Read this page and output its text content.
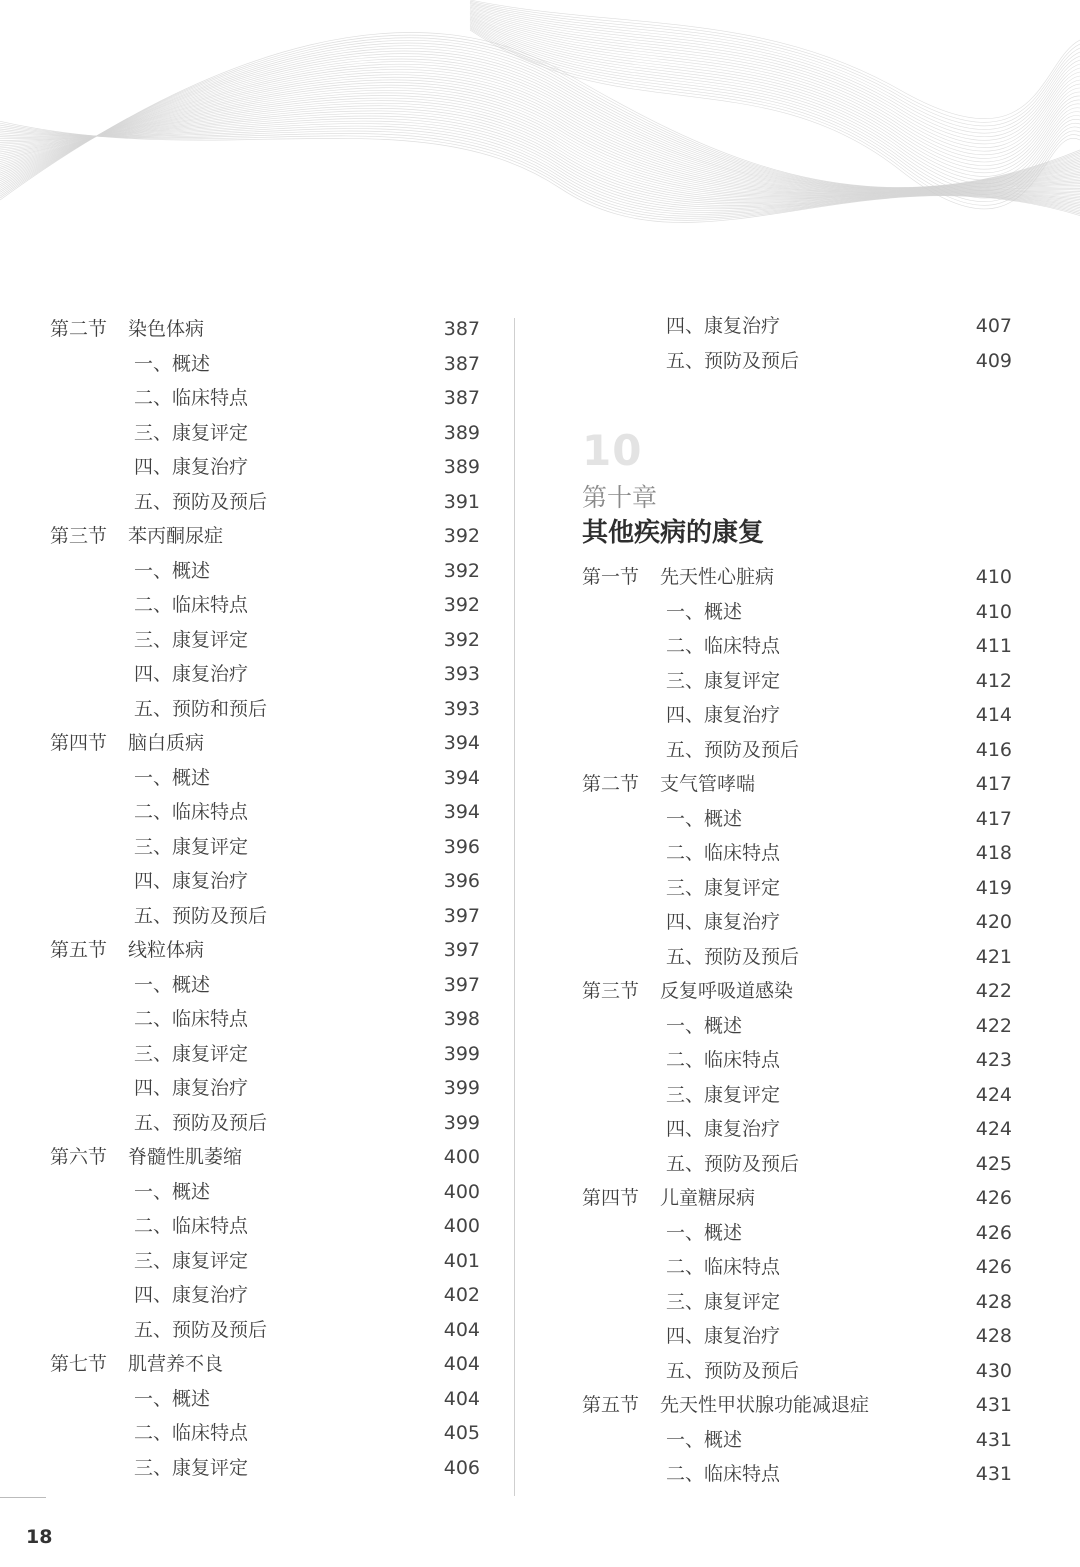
第二节 染色体病	387
一、概述	387
二、临床特点	387
三、康复评定	389
四、康复治疗	389
五、预防及预后	391
第三节 苯丙酮尿症	392
一、概述	392
二、临床特点	392
三、康复评定	392
四、康复治疗	393
五、预防和预后	393
第四节 脑白质病	394
一、概述	394
二、临床特点	394
三、康复评定	396
四、康复治疗	396
五、预防及预后	397
第五节 线粒体病	397
一、概述	397
二、临床特点	398
三、康复评定	399
四、康复治疗	399
五、预防及预后	399
第六节 脊髓性肌萎缩	400
一、概述	400
二、临床特点	400
三、康复评定	401
四、康复治疗	402
五、预防及预后	404
第七节 肌营养不良	404
一、概述	404
二、临床特点	405
三、康复评定	406
四、康复治疗	407
五、预防及预后	409
第一节 先天性心脏病	410
一、概述	410
二、临床特点	411
三、康复评定	412
四、康复治疗	414
五、预防及预后	416
第二节 支气管哮喘	417
一、概述	417
二、临床特点	418
三、康复评定	419
四、康复治疗	420
五、预防及预后	421
第三节 反复呼吸道感染	422
一、概述	422
二、临床特点	423
三、康复评定	424
四、康复治疗	424
五、预防及预后	425
第四节 儿童糖尿病	426
一、概述	426
二、临床特点	426
三、康复评定	428
四、康复治疗	428
五、预防及预后	430
第五节 先天性甲状腺功能减退症	431
一、概述	431
二、临床特点	431
10
第十章
其他疾病的康复
18
